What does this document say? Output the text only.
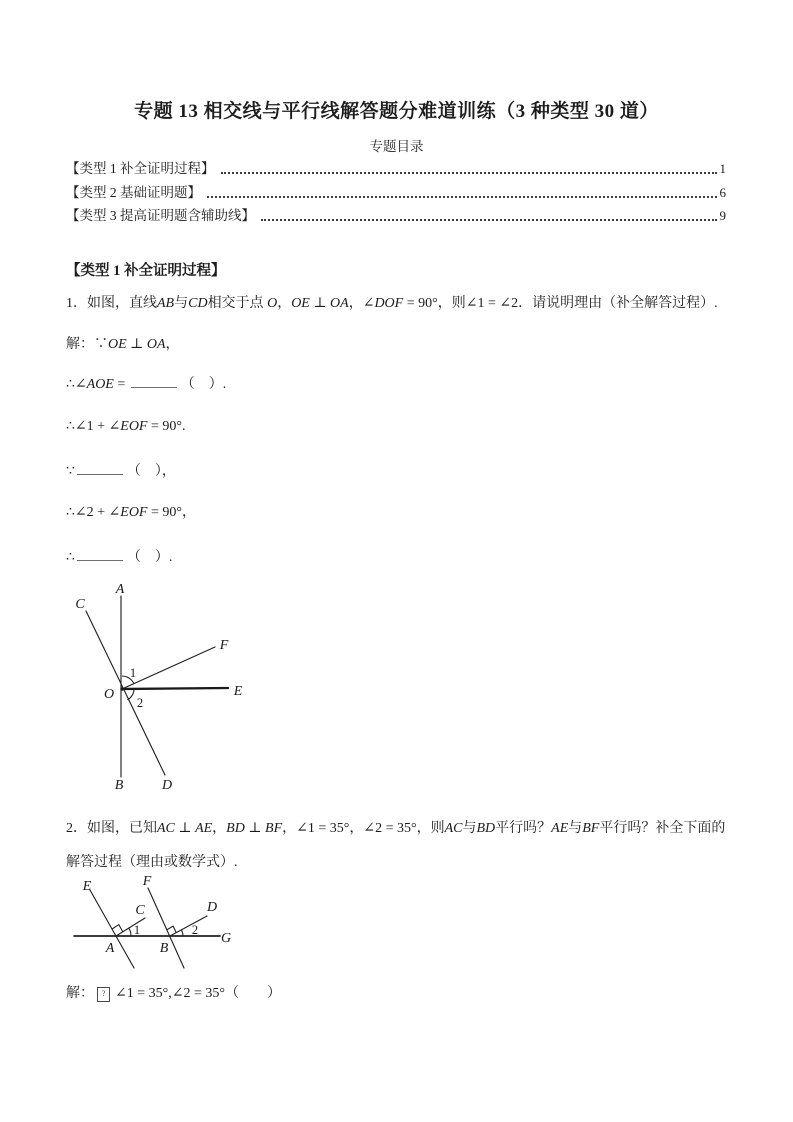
专题 13 相交线与平行线解答题分难道训练（3 种类型 30 道）
专题目录
【类型 1 补全证明过程】	1
【类型 2 基础证明题】	6
【类型 3 提高证明题含辅助线】	9
【类型 1 补全证明过程】
1．如图，直线AB与CD相交于点 O，OE ⊥ OA，∠DOF = 90°，则∠1 = ∠2．请说明理由（补全解答过程）.
解：∵OE ⊥ OA，
∴∠AOE =	（　）.
∴∠1 + ∠EOF = 90°.
∵	（　），
∴∠2 + ∠EOF = 90°，
∴	（　）.
A
C
F
E
O
B	D
1
2
2．如图，已知AC ⊥ AE，BD ⊥ BF，∠1 = 35°，∠2 = 35°，则AC与BD平行吗？AE与BF平行吗？补全下面的解答过程（理由或数学式）.
E	F
C	D
G
A	B
1	2
解： ? ∠1 = 35°,∠2 = 35°（　　）
